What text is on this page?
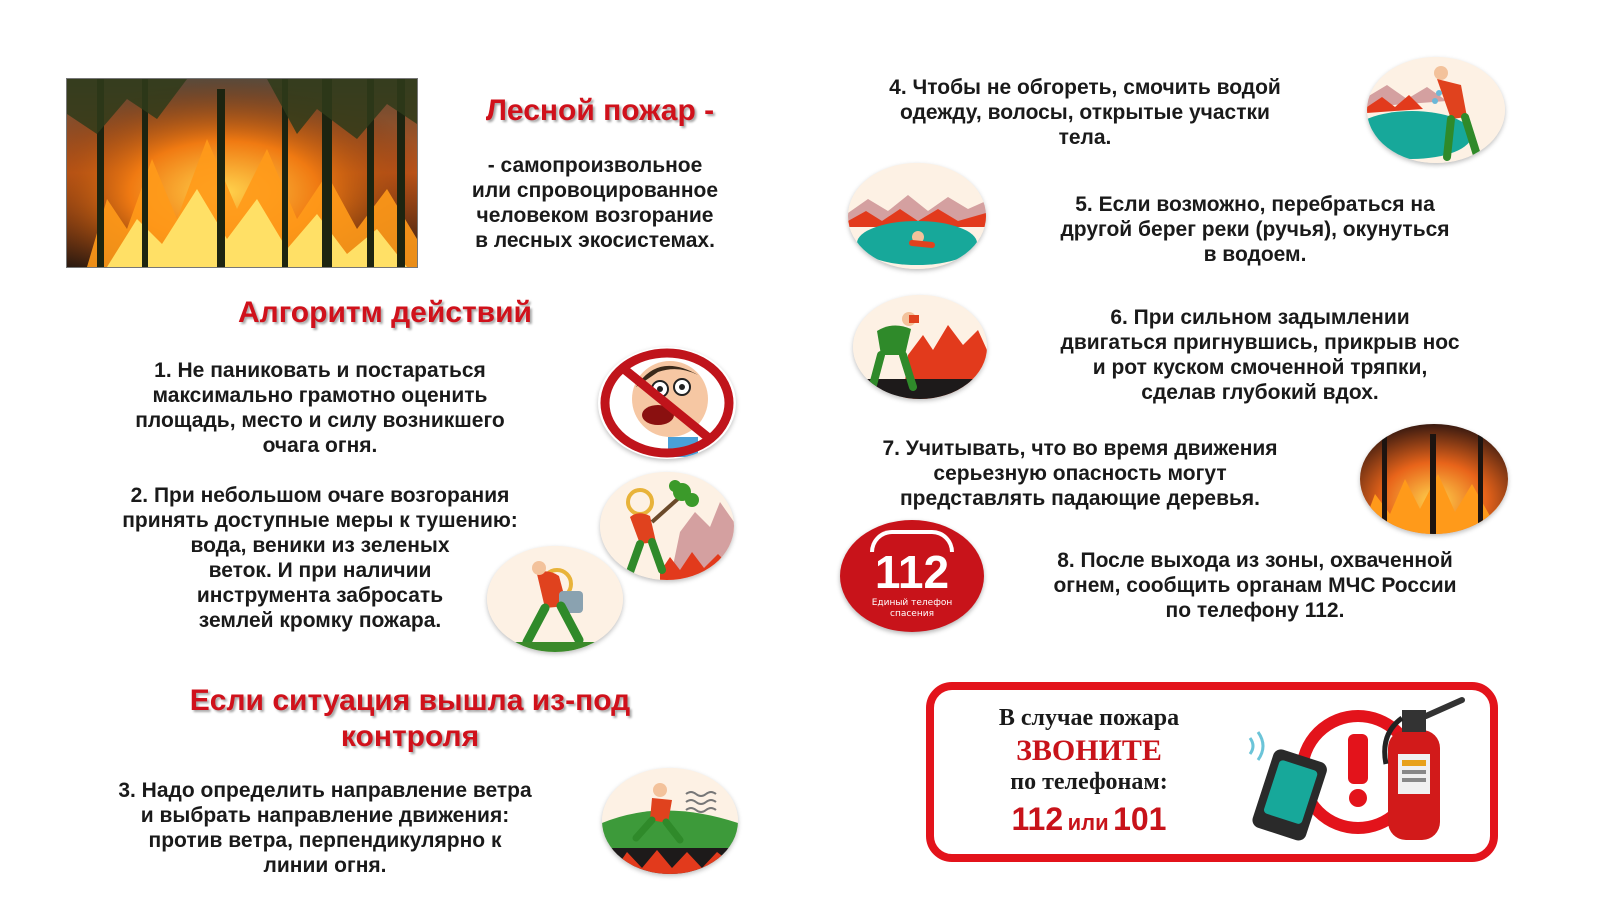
Лесной пожар -
- самопроизвольное
или спровоцированное
человеком возгорание
в лесных экосистемах.
Алгоритм действий
1. Не паниковать и постараться
максимально грамотно оценить
площадь, место и силу возникшего
очага огня.
2. При небольшом очаге возгорания
принять доступные меры к тушению:
вода, веники из зеленых
веток. И при наличии
инструмента забросать
землей кромку пожара.
Если ситуация вышла из-под
контроля
3. Надо определить направление ветра
и выбрать направление движения:
против ветра, перпендикулярно к
линии огня.
4. Чтобы не обгореть, смочить водой
одежду, волосы, открытые участки
тела.
5. Если возможно, перебраться на
другой берег реки (ручья), окунуться
в водоем.
6. При сильном задымлении
двигаться пригнувшись, прикрыв нос
и рот куском смоченной тряпки,
сделав глубокий вдох.
7. Учитывать, что во время движения
серьезную опасность могут
представлять падающие деревья.
112
Единый телефон
спасения
8. После выхода из зоны, охваченной
огнем, сообщить органам МЧС России
по телефону 112.
В случае пожара
ЗВОНИТЕ
по телефонам:
112 или 101
